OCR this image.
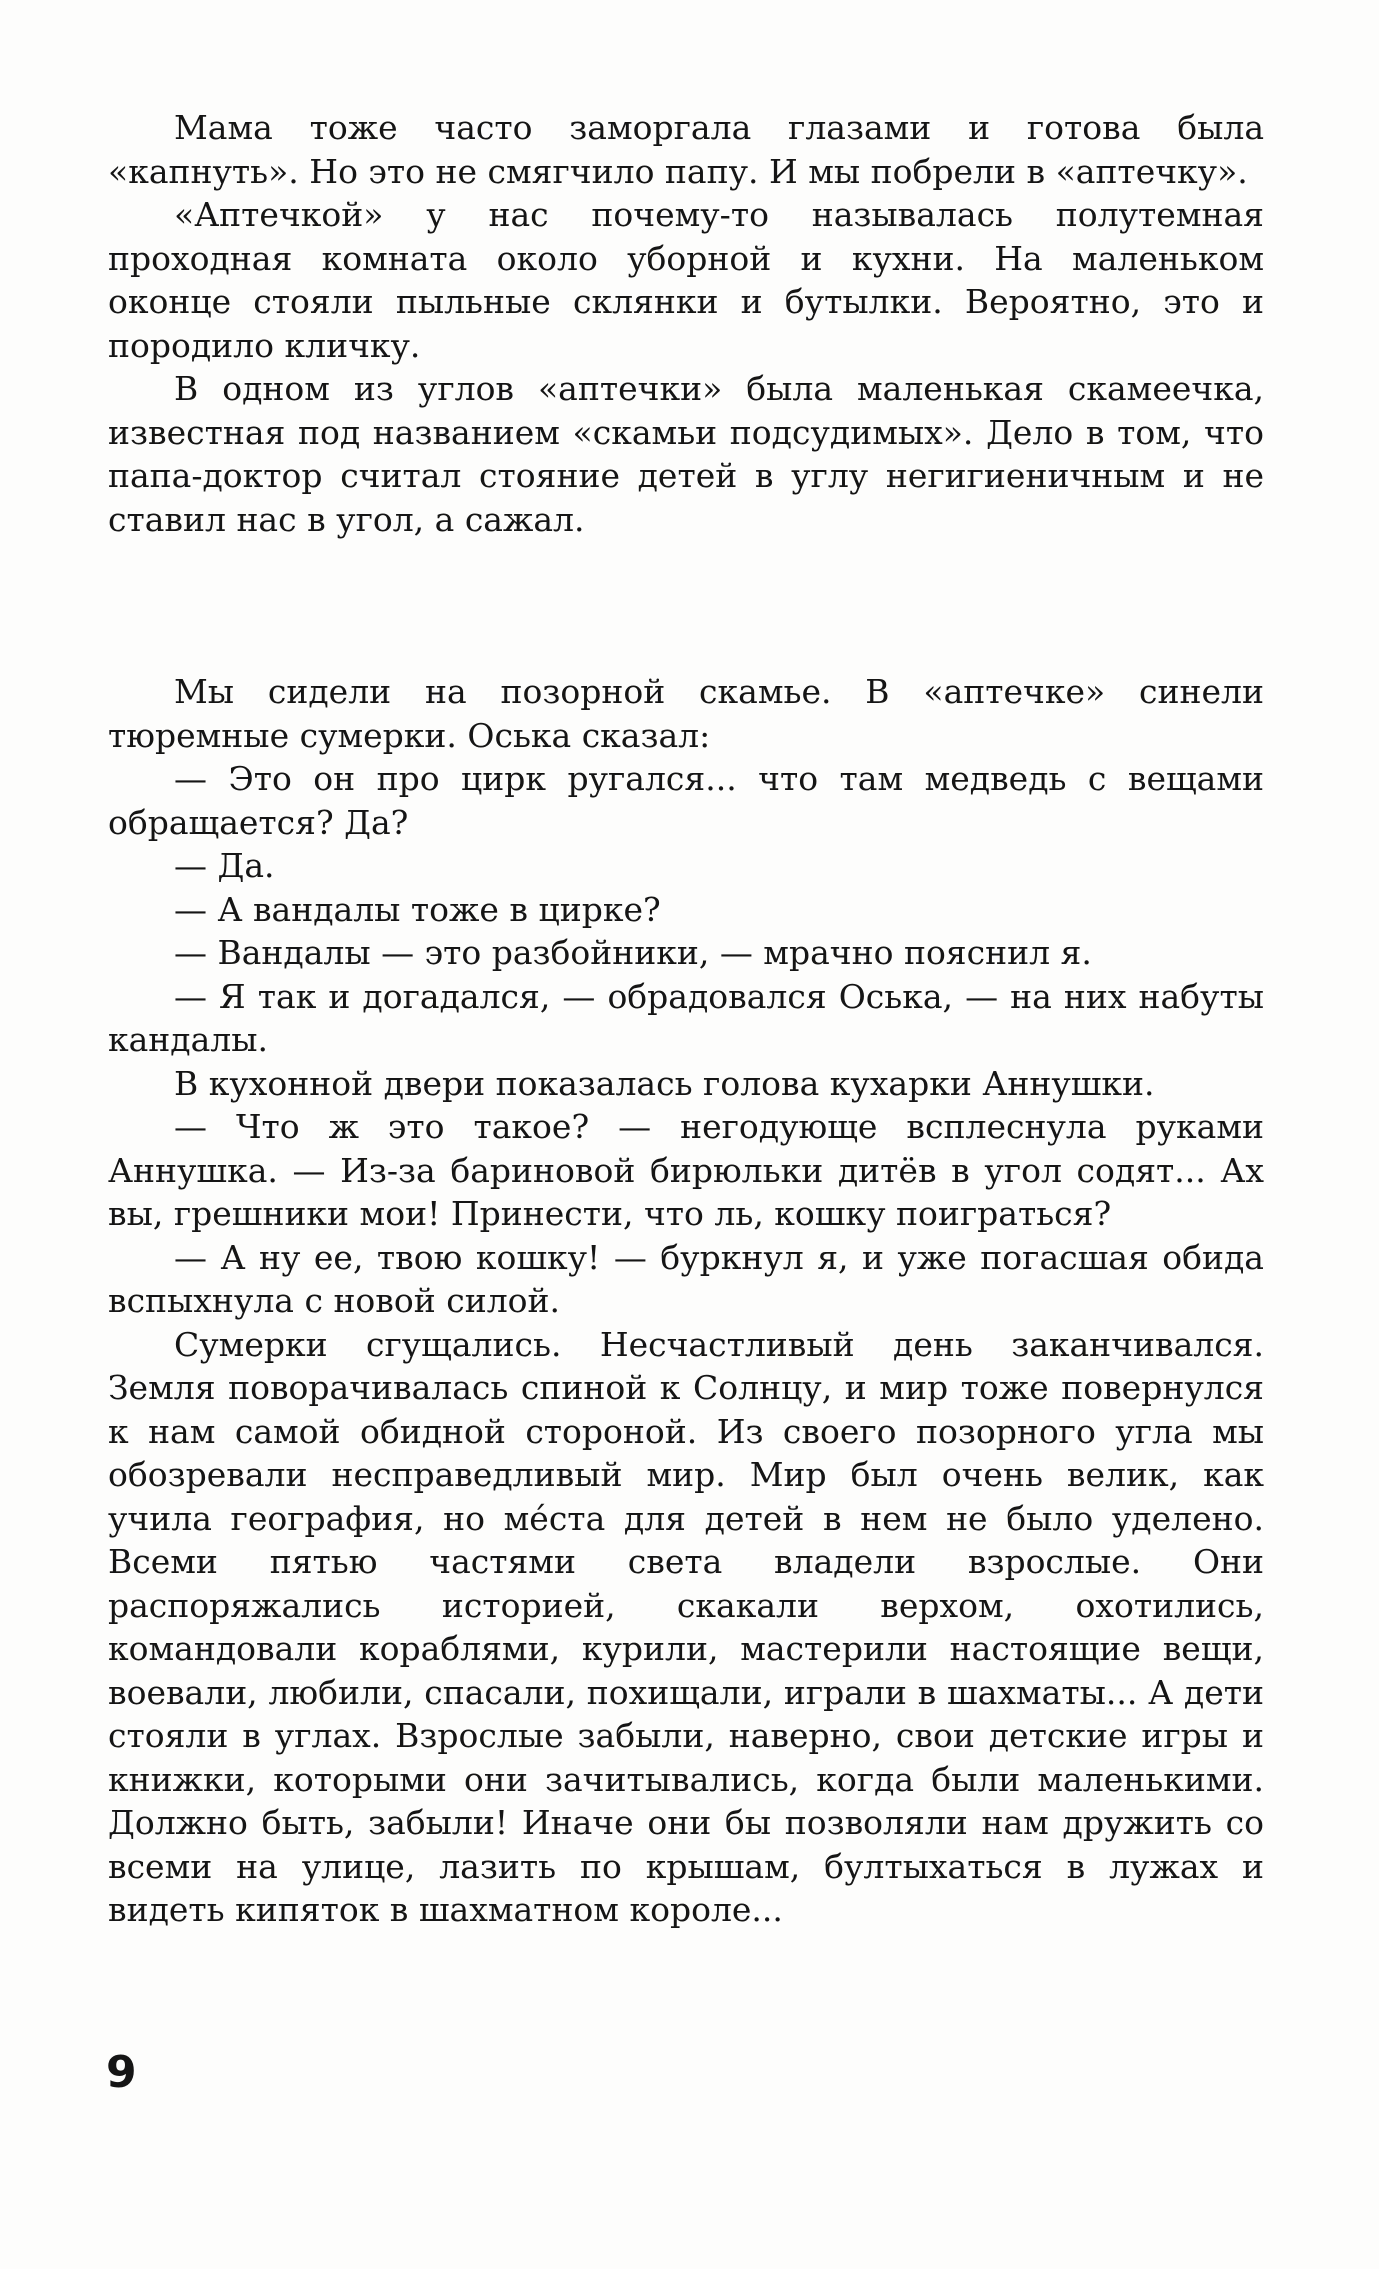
Мама тоже часто заморгала глазами и готова была «капнуть». Но это не смягчило папу. И мы побрели в «аптечку».

«Аптечкой» у нас почему-то называлась полутемная проходная комната около уборной и кухни. На маленьком оконце стояли пыльные склянки и бутылки. Вероятно, это и породило кличку.

В одном из углов «аптечки» была маленькая скамеечка, известная под названием «скамьи подсудимых». Дело в том, что папа-доктор считал стояние детей в углу негигиеничным и не ставил нас в угол, а сажал.

Мы сидели на позорной скамье. В «аптечке» синели тюремные сумерки. Оська сказал:

— Это он про цирк ругался... что там медведь с вещами обращается? Да?

— Да.

— А вандалы тоже в цирке?

— Вандалы — это разбойники, — мрачно пояснил я.

— Я так и догадался, — обрадовался Оська, — на них набуты кандалы.

В кухонной двери показалась голова кухарки Аннушки.

— Что ж это такое? — негодующе всплеснула руками Аннушка. — Из-за бариновой бирюльки дитёв в угол содят... Ах вы, грешники мои! Принести, что ль, кошку поиграться?

— А ну ее, твою кошку! — буркнул я, и уже погасшая обида вспыхнула с новой силой.

Сумерки сгущались. Несчастливый день заканчивался. Земля поворачивалась спиной к Солнцу, и мир тоже повернулся к нам самой обидной стороной. Из своего позорного угла мы обозревали несправедливый мир. Мир был очень велик, как учила география, но мéста для детей в нем не было уделено. Всеми пятью частями света владели взрослые. Они распоряжались историей, скакали верхом, охотились, командовали кораблями, курили, мастерили настоящие вещи, воевали, любили, спасали, похищали, играли в шахматы... А дети стояли в углах. Взрослые забыли, наверно, свои детские игры и книжки, которыми они зачитывались, когда были маленькими. Должно быть, забыли! Иначе они бы позволяли нам дружить со всеми на улице, лазить по крышам, бултыхаться в лужах и видеть кипяток в шахматном короле...

9
